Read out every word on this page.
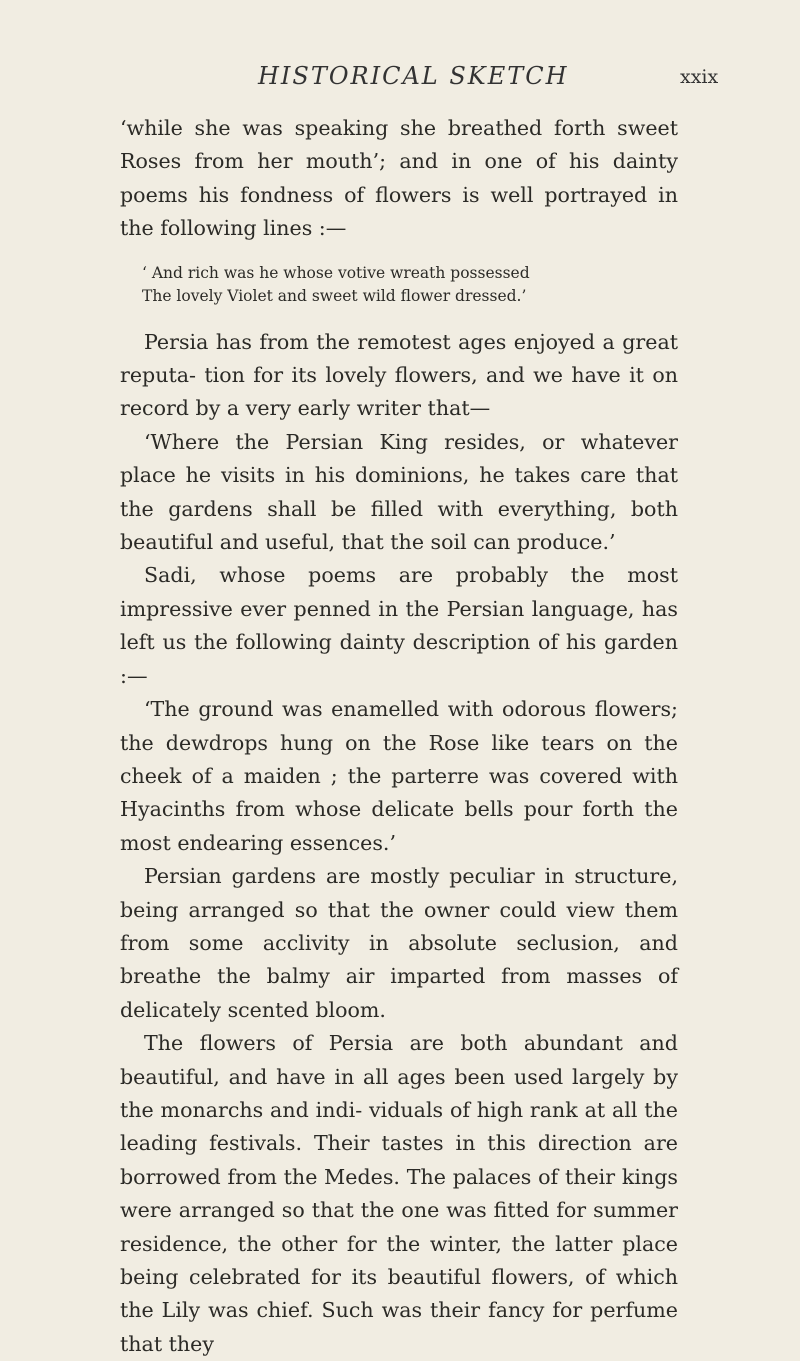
HISTORICAL SKETCH	xxix

‘while she was speaking she breathed forth sweet Roses from her mouth’; and in one of his dainty poems his fondness of flowers is well portrayed in the following lines :—

‘ And rich was he whose votive wreath possessed
The lovely Violet and sweet wild flower dressed.’

Persia has from the remotest ages enjoyed a great reputa- tion for its lovely flowers, and we have it on record by a very early writer that—

‘Where the Persian King resides, or whatever place he visits in his dominions, he takes care that the gardens shall be filled with everything, both beautiful and useful, that the soil can produce.’

Sadi, whose poems are probably the most impressive ever penned in the Persian language, has left us the following dainty description of his garden :—

‘The ground was enamelled with odorous flowers; the dewdrops hung on the Rose like tears on the cheek of a maiden ; the parterre was covered with Hyacinths from whose delicate bells pour forth the most endearing essences.’

Persian gardens are mostly peculiar in structure, being arranged so that the owner could view them from some acclivity in absolute seclusion, and breathe the balmy air imparted from masses of delicately scented bloom.

The flowers of Persia are both abundant and beautiful, and have in all ages been used largely by the monarchs and indi- viduals of high rank at all the leading festivals. Their tastes in this direction are borrowed from the Medes. The palaces of their kings were arranged so that the one was fitted for summer residence, the other for the winter, the latter place being celebrated for its beautiful flowers, of which the Lily was chief. Such was their fancy for perfume that they
